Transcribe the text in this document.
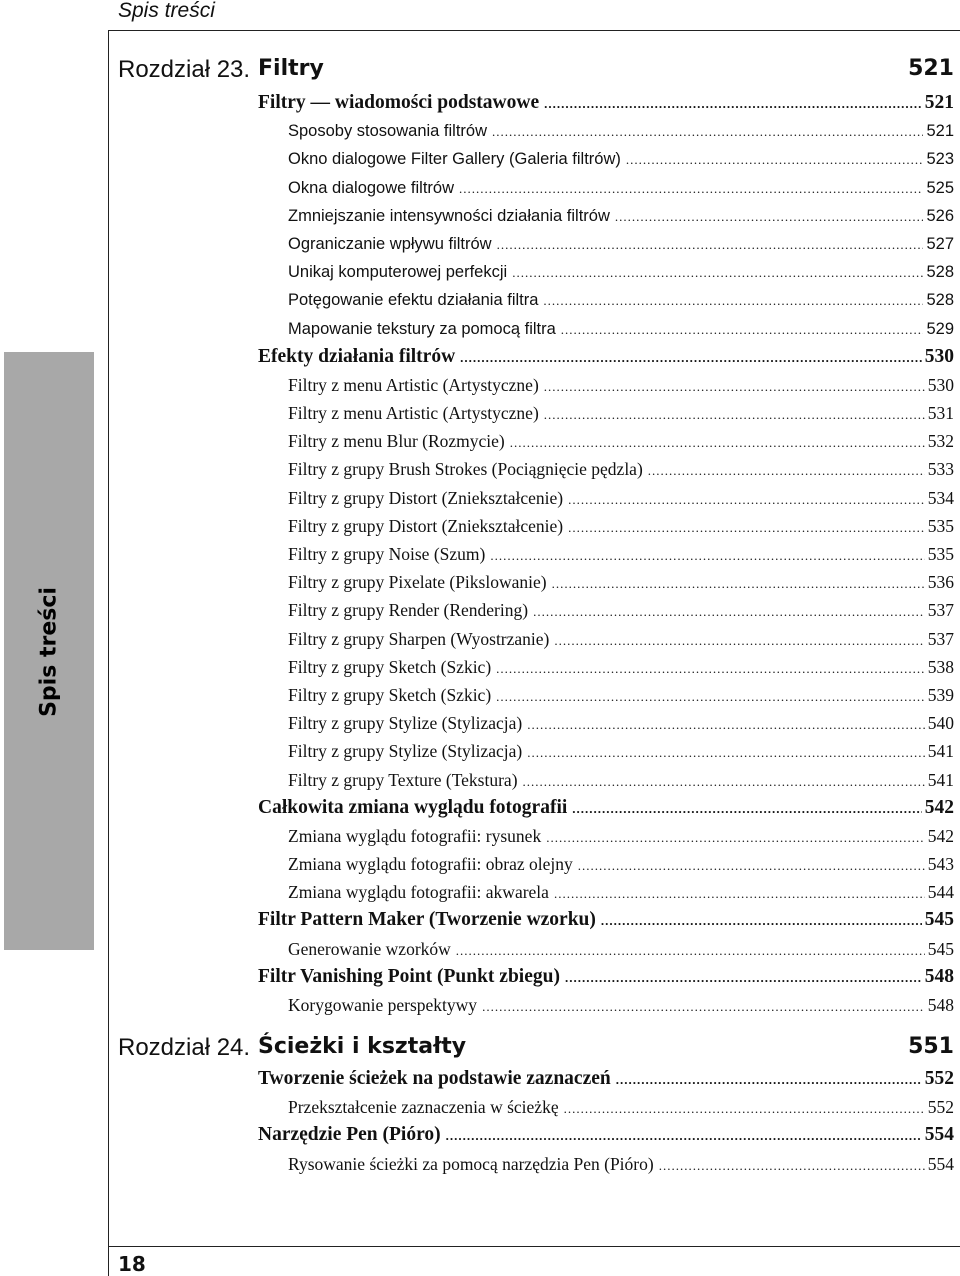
Spis treści
Spis treści
Rozdział 23. Filtry	521
Filtry — wiadomości podstawowe .....	521
Sposoby stosowania filtrów .....	521
Okno dialogowe Filter Gallery (Galeria filtrów) .....	523
Okna dialogowe filtrów .....	525
Zmniejszanie intensywności działania filtrów .....	526
Ograniczanie wpływu filtrów .....	527
Unikaj komputerowej perfekcji .....	528
Potęgowanie efektu działania filtra .....	528
Mapowanie tekstury za pomocą filtra .....	529
Efekty działania filtrów .....	530
Filtry z menu Artistic (Artystyczne) .....	530
Filtry z menu Artistic (Artystyczne) .....	531
Filtry z menu Blur (Rozmycie) .....	532
Filtry z grupy Brush Strokes (Pociągnięcie pędzla) .....	533
Filtry z grupy Distort (Zniekształcenie) .....	534
Filtry z grupy Distort (Zniekształcenie) .....	535
Filtry z grupy Noise (Szum) .....	535
Filtry z grupy Pixelate (Pikslowanie) .....	536
Filtry z grupy Render (Rendering) .....	537
Filtry z grupy Sharpen (Wyostrzanie) .....	537
Filtry z grupy Sketch (Szkic) .....	538
Filtry z grupy Sketch (Szkic) .....	539
Filtry z grupy Stylize (Stylizacja) .....	540
Filtry z grupy Stylize (Stylizacja) .....	541
Filtry z grupy Texture (Tekstura) .....	541
Całkowita zmiana wyglądu fotografii .....	542
Zmiana wyglądu fotografii: rysunek .....	542
Zmiana wyglądu fotografii: obraz olejny .....	543
Zmiana wyglądu fotografii: akwarela .....	544
Filtr Pattern Maker (Tworzenie wzorku) .....	545
Generowanie wzorków .....	545
Filtr Vanishing Point (Punkt zbiegu) .....	548
Korygowanie perspektywy .....	548
Rozdział 24. Ścieżki i kształty	551
Tworzenie ścieżek na podstawie zaznaczeń .....	552
Przekształcenie zaznaczenia w ścieżkę .....	552
Narzędzie Pen (Pióro) .....	554
Rysowanie ścieżki za pomocą narzędzia Pen (Pióro) .....	554
18
